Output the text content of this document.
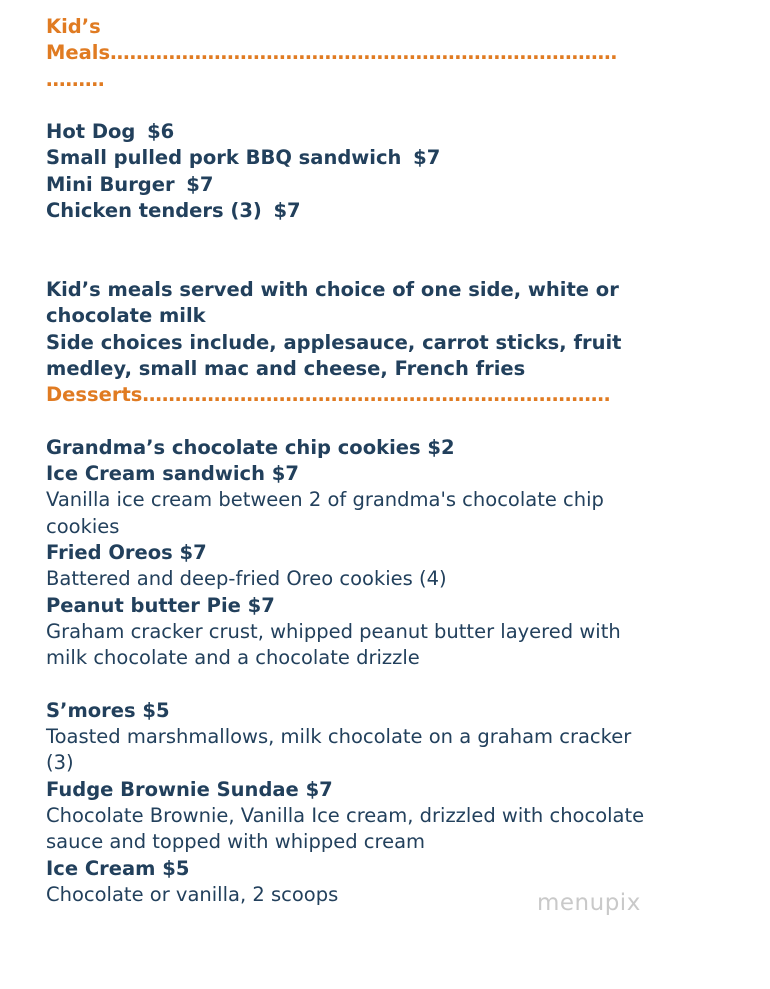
Kid’s
Meals……………………………………………………………………
………
Hot Dog $6
Small pulled pork BBQ sandwich $7
Mini Burger $7
Chicken tenders (3) $7
Kid’s meals served with choice of one side, white or
chocolate milk
Side choices include, applesauce, carrot sticks, fruit
medley, small mac and cheese, French fries
Desserts………………………………………………………………
Grandma’s chocolate chip cookies $2
Ice Cream sandwich $7
Vanilla ice cream between 2 of grandma's chocolate chip
cookies
Fried Oreos $7
Battered and deep-fried Oreo cookies (4)
Peanut butter Pie $7
Graham cracker crust, whipped peanut butter layered with
milk chocolate and a chocolate drizzle
S’mores $5
Toasted marshmallows, milk chocolate on a graham cracker
(3)
Fudge Brownie Sundae $7
Chocolate Brownie, Vanilla Ice cream, drizzled with chocolate
sauce and topped with whipped cream
Ice Cream $5
Chocolate or vanilla, 2 scoops	menupix
